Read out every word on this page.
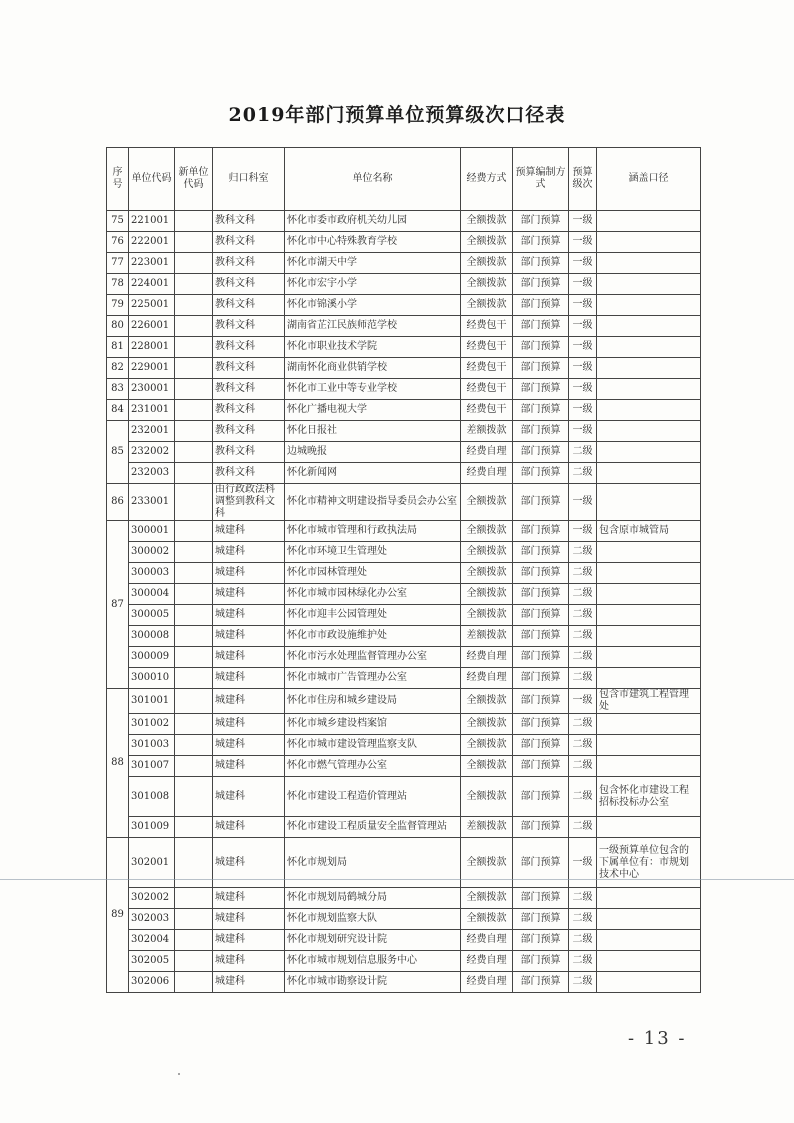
2019年部门预算单位预算级次口径表
序号	单位代码	新单位代码	归口科室	单位名称	经费方式	预算编制方式	预算级次	涵盖口径
75	221001		教科文科	怀化市委市政府机关幼儿园	全额拨款	部门预算	一级	
76	222001		教科文科	怀化市中心特殊教育学校	全额拨款	部门预算	一级	
77	223001		教科文科	怀化市湖天中学	全额拨款	部门预算	一级	
78	224001		教科文科	怀化市宏宇小学	全额拨款	部门预算	一级	
79	225001		教科文科	怀化市锦溪小学	全额拨款	部门预算	一级	
80	226001		教科文科	湖南省芷江民族师范学校	经费包干	部门预算	一级	
81	228001		教科文科	怀化市职业技术学院	经费包干	部门预算	一级	
82	229001		教科文科	湖南怀化商业供销学校	经费包干	部门预算	一级	
83	230001		教科文科	怀化市工业中等专业学校	经费包干	部门预算	一级	
84	231001		教科文科	怀化广播电视大学	经费包干	部门预算	一级	
85	232001		教科文科	怀化日报社	差额拨款	部门预算	一级	
	232002		教科文科	边城晚报	经费自理	部门预算	二级	
	232003		教科文科	怀化新闻网	经费自理	部门预算	二级	
86	233001		由行政政法科调整到教科文科	怀化市精神文明建设指导委员会办公室	全额拨款	部门预算	一级	
87	300001		城建科	怀化市城市管理和行政执法局	全额拨款	部门预算	一级	包含原市城管局
	300002		城建科	怀化市环境卫生管理处	全额拨款	部门预算	二级	
	300003		城建科	怀化市园林管理处	全额拨款	部门预算	二级	
	300004		城建科	怀化市城市园林绿化办公室	全额拨款	部门预算	二级	
	300005		城建科	怀化市迎丰公园管理处	全额拨款	部门预算	二级	
	300008		城建科	怀化市市政设施维护处	差额拨款	部门预算	二级	
	300009		城建科	怀化市污水处理监督管理办公室	经费自理	部门预算	二级	
	300010		城建科	怀化市城市广告管理办公室	经费自理	部门预算	二级	
88	301001		城建科	怀化市住房和城乡建设局	全额拨款	部门预算	一级	包含市建筑工程管理处
	301002		城建科	怀化市城乡建设档案馆	全额拨款	部门预算	二级	
	301003		城建科	怀化市城市建设管理监察支队	全额拨款	部门预算	二级	
	301007		城建科	怀化市燃气管理办公室	全额拨款	部门预算	二级	
	301008		城建科	怀化市建设工程造价管理站	全额拨款	部门预算	二级	包含怀化市建设工程招标投标办公室
	301009		城建科	怀化市建设工程质量安全监督管理站	差额拨款	部门预算	二级	
89	302001		城建科	怀化市规划局	全额拨款	部门预算	一级	一级预算单位包含的下属单位有：市规划技术中心
	302002		城建科	怀化市规划局鹤城分局	全额拨款	部门预算	二级	
	302003		城建科	怀化市规划监察大队	全额拨款	部门预算	二级	
	302004		城建科	怀化市规划研究设计院	经费自理	部门预算	二级	
	302005		城建科	怀化市城市规划信息服务中心	经费自理	部门预算	二级	
	302006		城建科	怀化市城市勘察设计院	经费自理	部门预算	二级	
- 13 -
